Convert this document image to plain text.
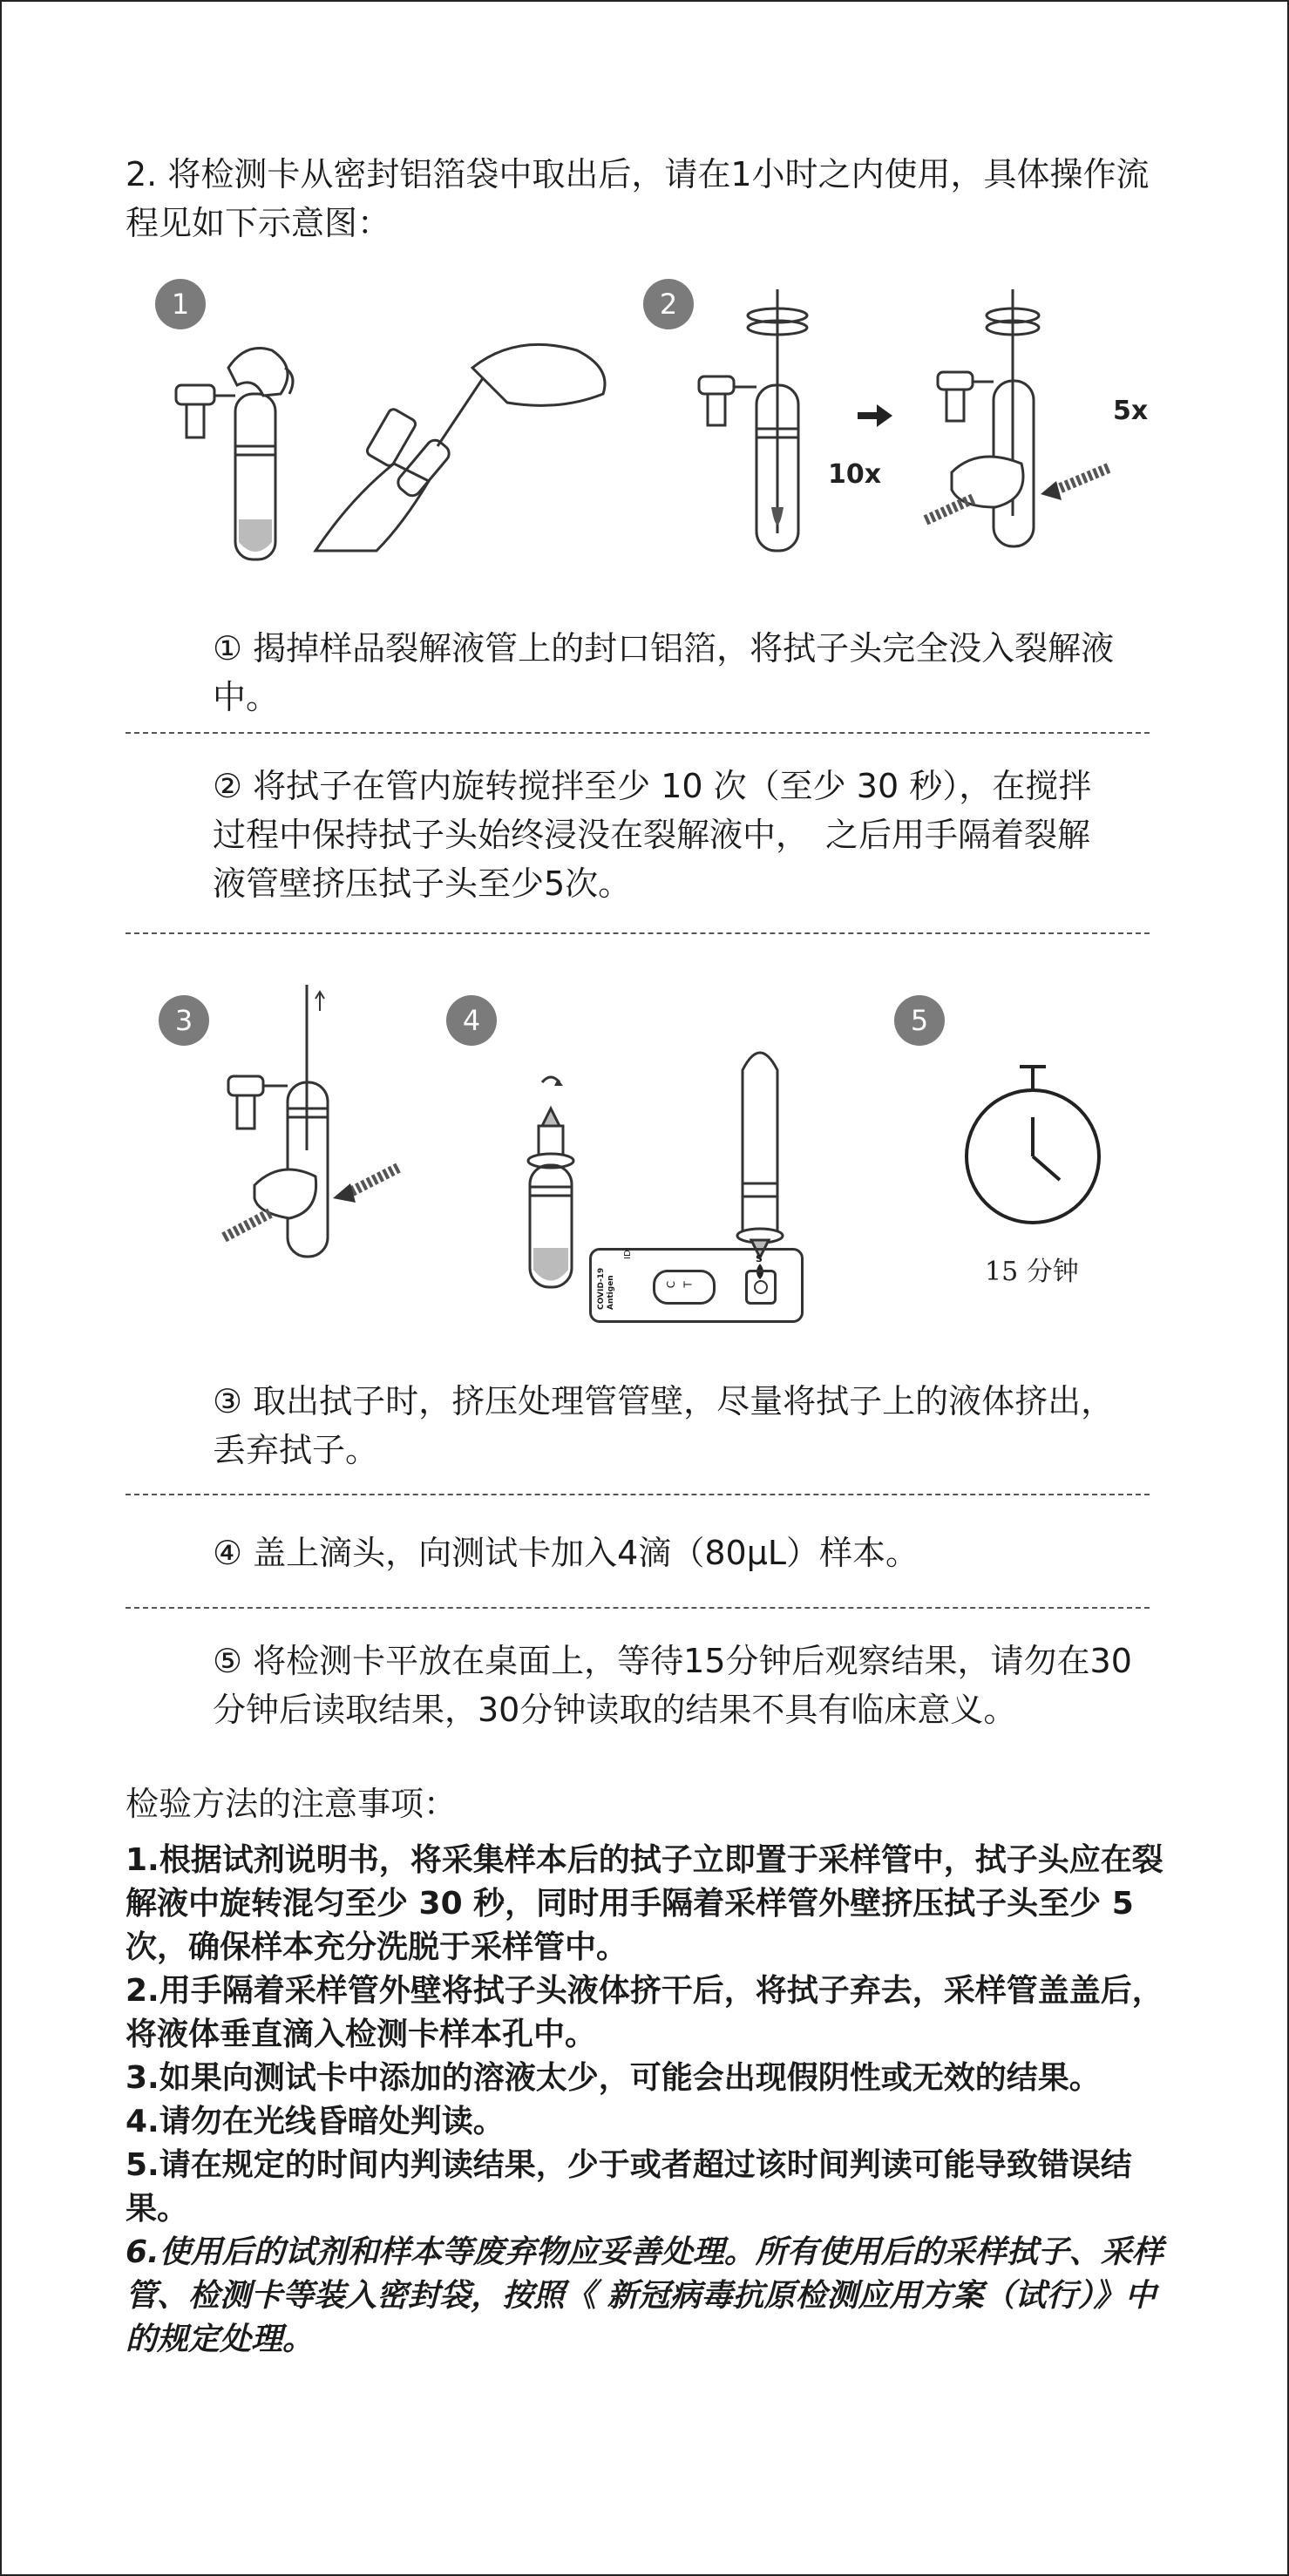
2. 将检测卡从密封铝箔袋中取出后，请在1小时之内使用，具体操作流程见如下示意图：
1	2
10x
5x
① 揭掉样品裂解液管上的封口铝箔，将拭子头完全没入裂解液中。
② 将拭子在管内旋转搅拌至少 10 次（至少 30 秒），在搅拌过程中保持拭子头始终浸没在裂解液中，　之后用手隔着裂解液管壁挤压拭子头至少5次。
3	4	5
COVID-19 Antigen
ID:
C T
S	15 分钟
③ 取出拭子时，挤压处理管管壁，尽量将拭子上的液体挤出，丢弃拭子。
④ 盖上滴头，向测试卡加入4滴（80μL）样本。
⑤ 将检测卡平放在桌面上，等待15分钟后观察结果，请勿在30分钟后读取结果，30分钟读取的结果不具有临床意义。
检验方法的注意事项：

1.根据试剂说明书，将采集样本后的拭子立即置于采样管中，拭子头应在裂解液中旋转混匀至少 30 秒，同时用手隔着采样管外壁挤压拭子头至少 5 次，确保样本充分洗脱于采样管中。

2.用手隔着采样管外壁将拭子头液体挤干后，将拭子弃去，采样管盖盖后，将液体垂直滴入检测卡样本孔中。

3.如果向测试卡中添加的溶液太少，可能会出现假阴性或无效的结果。

4.请勿在光线昏暗处判读。

5.请在规定的时间内判读结果，少于或者超过该时间判读可能导致错误结果。

6.使用后的试剂和样本等废弃物应妥善处理。所有使用后的采样拭子、采样管、检测卡等装入密封袋，按照《 新冠病毒抗原检测应用方案（试行）》中的规定处理。
